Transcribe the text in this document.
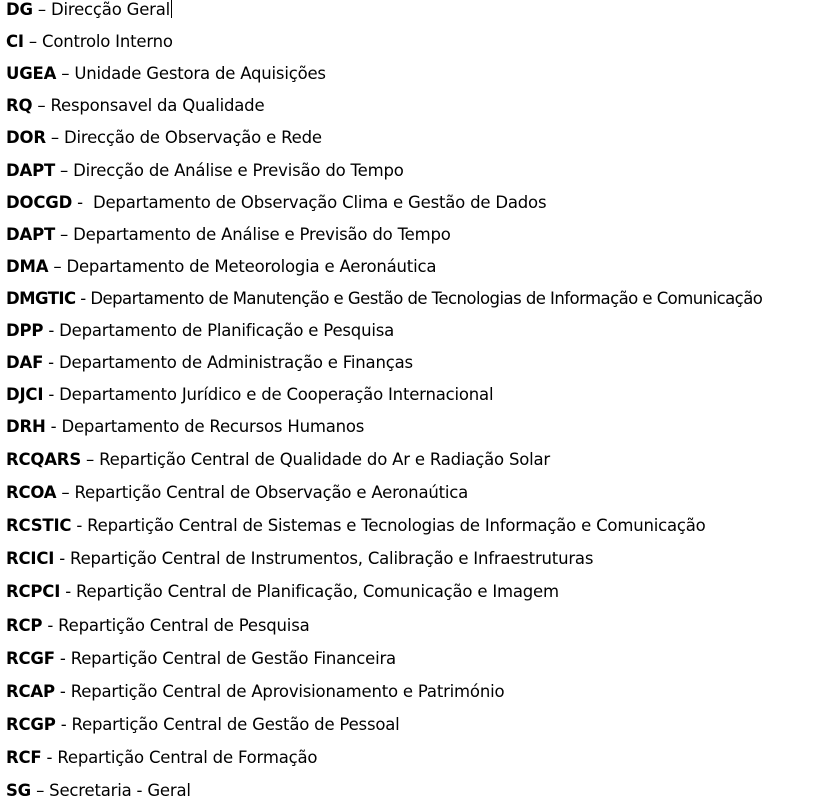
DG – Direcção Geral
CI – Controlo Interno
UGEA – Unidade Gestora de Aquisições
RQ – Responsavel da Qualidade
DOR – Direcção de Observação e Rede
DAPT – Direcção de Análise e Previsão do Tempo
DOCGD -  Departamento de Observação Clima e Gestão de Dados
DAPT – Departamento de Análise e Previsão do Tempo
DMA – Departamento de Meteorologia e Aeronáutica
DMGTIC - Departamento de Manutenção e Gestão de Tecnologias de Informação e Comunicação
DPP - Departamento de Planificação e Pesquisa
DAF - Departamento de Administração e Finanças
DJCI - Departamento Jurídico e de Cooperação Internacional
DRH - Departamento de Recursos Humanos
RCQARS – Repartição Central de Qualidade do Ar e Radiação Solar
RCOA – Repartição Central de Observação e Aeronaútica
RCSTIC - Repartição Central de Sistemas e Tecnologias de Informação e Comunicação
RCICI - Repartição Central de Instrumentos, Calibração e Infraestruturas
RCPCI - Repartição Central de Planificação, Comunicação e Imagem
RCP - Repartição Central de Pesquisa
RCGF - Repartição Central de Gestão Financeira
RCAP - Repartição Central de Aprovisionamento e Património
RCGP - Repartição Central de Gestão de Pessoal
RCF - Repartição Central de Formação
SG – Secretaria - Geral
